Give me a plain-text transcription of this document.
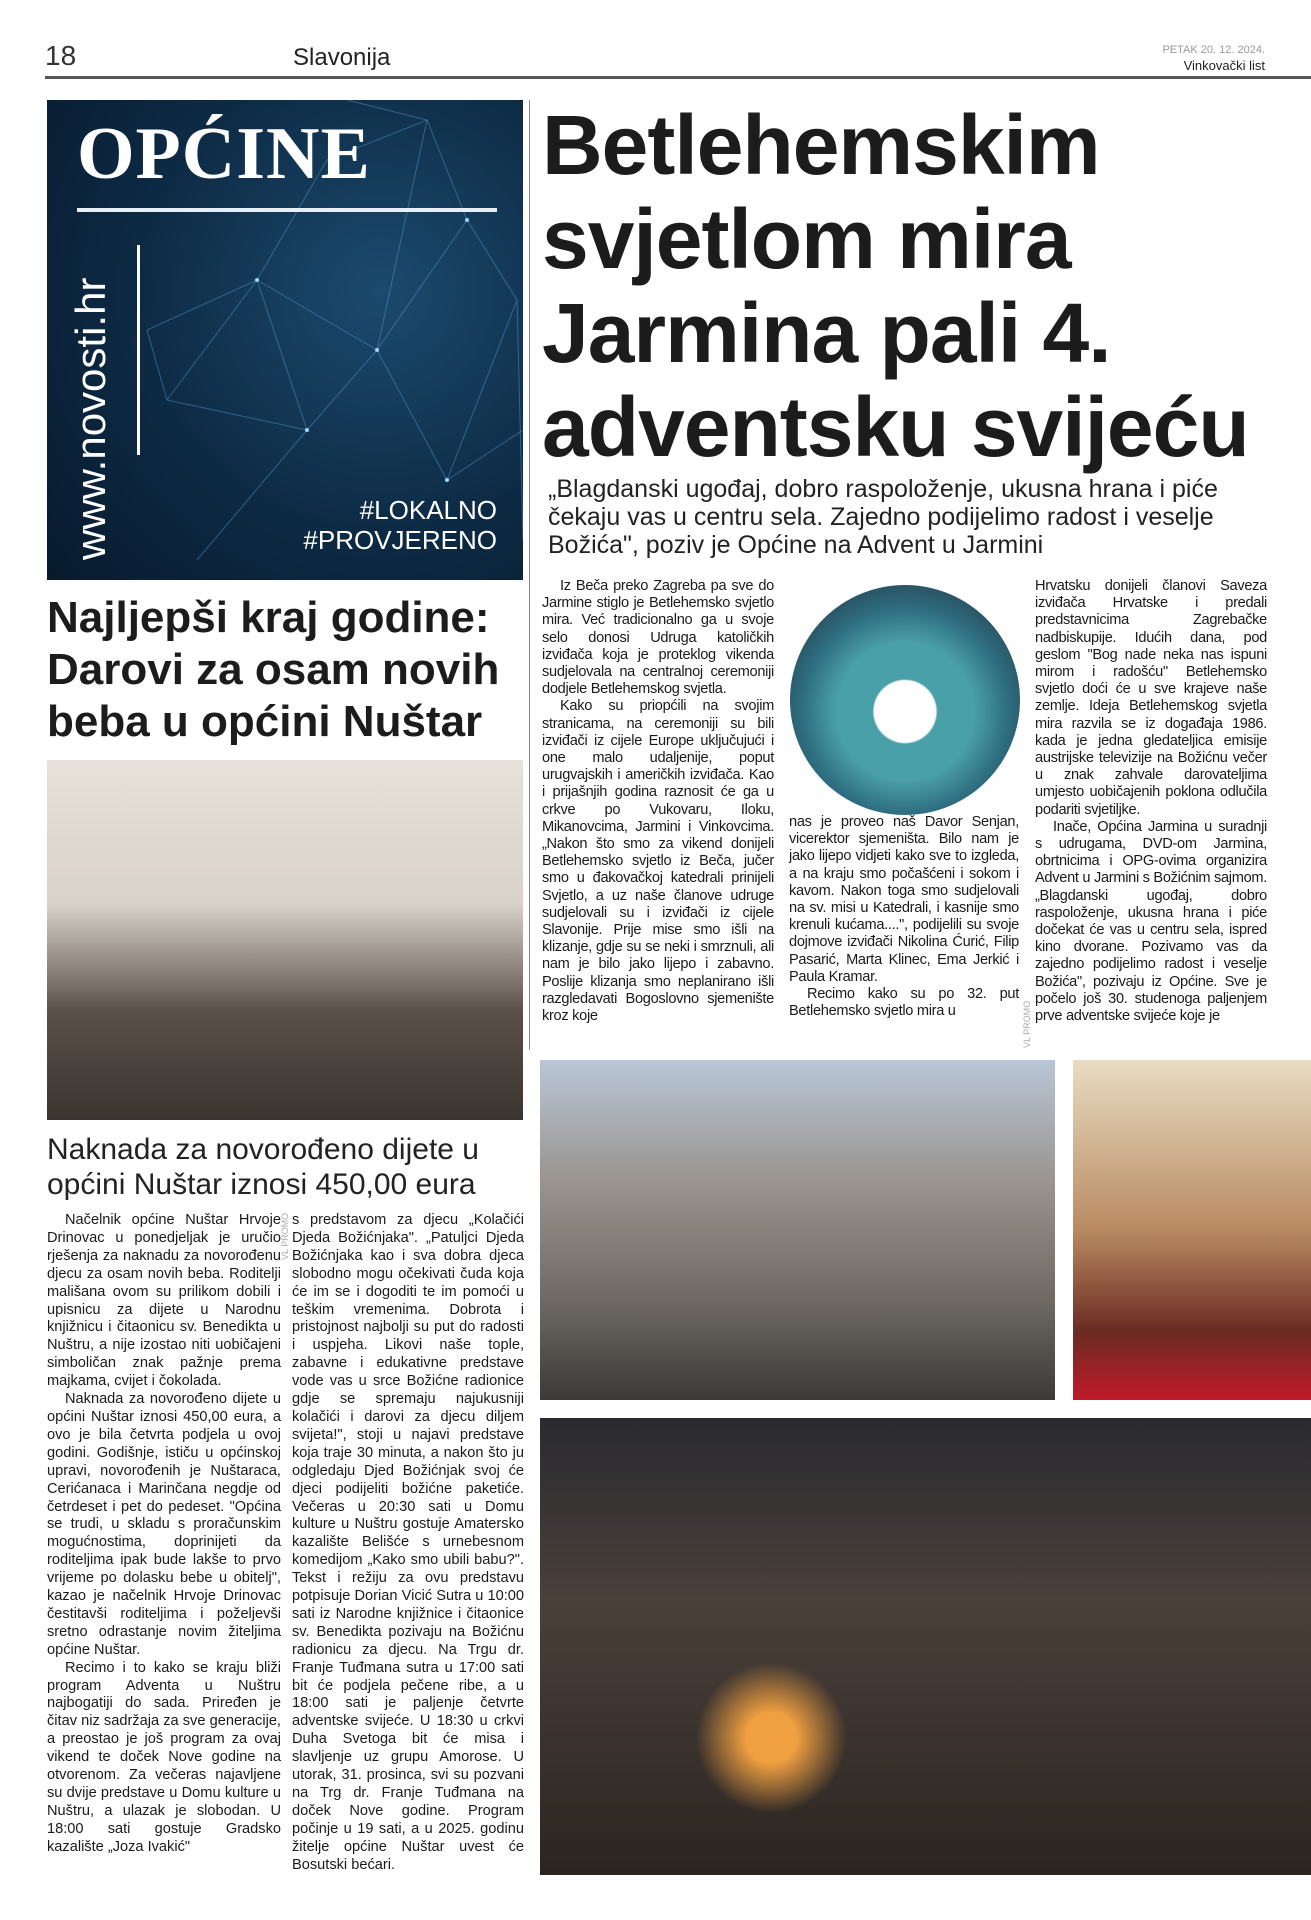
18	Slavonija	PETAK 20. 12. 2024.
Vinkovački list
OPĆINE
www.novosti.hr	#LOKALNO
#PROVJERENO
Najljepši kraj godine: Darovi za osam novih beba u općini Nuštar
Naknada za novorođeno dijete u općini Nuštar iznosi 450,00 eura

Načelnik općine Nuštar Hrvoje Drinovac u ponedjeljak je uručio rješenja za naknadu za novorođenu djecu za osam novih beba. Roditelji mališana ovom su prilikom dobili i upisnicu za dijete u Narodnu knjižnicu i čitaonicu sv. Benedikta u Nuštru, a nije izostao niti uobičajeni simboličan znak pažnje prema majkama, cvijet i čokolada.

Naknada za novorođeno dijete u općini Nuštar iznosi 450,00 eura, a ovo je bila četvrta podjela u ovoj godini. Godišnje, ističu u općinskoj upravi, novorođenih je Nuštaraca, Cerićanaca i Marinčana negdje od četrdeset i pet do pedeset. "Općina se trudi, u skladu s proračunskim mogućnostima, doprinijeti da roditeljima ipak bude lakše to prvo vrijeme po dolasku bebe u obitelj", kazao je načelnik Hrvoje Drinovac čestitavši roditeljima i poželjevši sretno odrastanje novim žiteljima općine Nuštar.

Recimo i to kako se kraju bliži program Adventa u Nuštru najbogatiji do sada. Priređen je čitav niz sadržaja za sve generacije, a preostao je još program za ovaj vikend te doček Nove godine na otvorenom. Za večeras najavljene su dvije predstave u Domu kulture u Nuštru, a ulazak je slobodan. U 18:00 sati gostuje Gradsko kazalište „Joza Ivakić"

VL PROMO s predstavom za djecu „Kolačići Djeda Božićnjaka". „Patuljci Djeda Božićnjaka kao i sva dobra djeca slobodno mogu očekivati čuda koja će im se i dogoditi te im pomoći u teškim vremenima. Dobrota i pristojnost najbolji su put do radosti i uspjeha. Likovi naše tople, zabavne i edukativne predstave vode vas u srce Božićne radionice gdje se spremaju najukusniji kolačići i darovi za djecu diljem svijeta!", stoji u najavi predstave koja traje 30 minuta, a nakon što ju odgledaju Djed Božićnjak svoj će djeci podijeliti božićne paketiće. Večeras u 20:30 sati u Domu kulture u Nuštru gostuje Amatersko kazalište Belišće s urnebesnom komedijom „Kako smo ubili babu?". Tekst i režiju za ovu predstavu potpisuje Dorian Vicić Sutra u 10:00 sati iz Narodne knjižnice i čitaonice sv. Benedikta pozivaju na Božićnu radionicu za djecu. Na Trgu dr. Franje Tuđmana sutra u 17:00 sati bit će podjela pečene ribe, a u 18:00 sati je paljenje četvrte adventske svijeće. U 18:30 u crkvi Duha Svetoga bit će misa i slavljenje uz grupu Amorose. U utorak, 31. prosinca, svi su pozvani na Trg dr. Franje Tuđmana na doček Nove godine. Program počinje u 19 sati, a u 2025. godinu žitelje općine Nuštar uvest će Bosutski bećari.

Betlehemskim svjetlom mira Jarmina pali 4. adventsku svijeću
„Blagdanski ugođaj, dobro raspoloženje, ukusna hrana i piće čekaju vas u centru sela. Zajedno podijelimo radost i veselje Božića", poziv je Općine na Advent u Jarmini

Iz Beča preko Zagreba pa sve do Jarmine stiglo je Betlehemsko svjetlo mira. Već tradicionalno ga u svoje selo donosi Udruga katoličkih izviđača koja je proteklog vikenda sudjelovala na centralnoj ceremoniji dodjele Betlehemskog svjetla.

Kako su priopćili na svojim stranicama, na ceremoniji su bili izviđači iz cijele Europe uključujući i one malo udaljenije, poput urugvajskih i američkih izviđača. Kao i prijašnjih godina raznosit će ga u crkve po Vukovaru, Iloku, Mikanovcima, Jarmini i Vinkovcima. „Nakon što smo za vikend donijeli Betlehemsko svjetlo iz Beča, jučer smo u đakovačkoj katedrali prinijeli Svjetlo, a uz naše članove udruge sudjelovali su i izviđači iz cijele Slavonije. Prije mise smo išli na klizanje, gdje su se neki i smrznuli, ali nam je bilo jako lijepo i zabavno. Poslije klizanja smo neplanirano išli razgledavati Bogoslovno sjemenište kroz koje

nas je proveo naš Davor Senjan, vicerektor sjemeništa. Bilo nam je jako lijepo vidjeti kako sve to izgleda, a na kraju smo počašćeni i sokom i kavom. Nakon toga smo sudjelovali na sv. misi u Katedrali, i kasnije smo krenuli kućama....", podijelili su svoje dojmove izviđači Nikolina Ćurić, Filip Pasarić, Marta Klinec, Ema Jerkić i Paula Kramar.

Recimo kako su po 32. put Betlehemsko svjetlo mira u	VL PROMO

Hrvatsku donijeli članovi Saveza izviđača Hrvatske i predali predstavnicima Zagrebačke nadbiskupije. Idućih dana, pod geslom "Bog nade neka nas ispuni mirom i radošću" Betlehemsko svjetlo doći će u sve krajeve naše zemlje. Ideja Betlehemskog svjetla mira razvila se iz događaja 1986. kada je jedna gledateljica emisije austrijske televizije na Božićnu večer u znak zahvale darovateljima umjesto uobičajenih poklona odlučila podariti svjetiljke.

Inače, Općina Jarmina u suradnji s udrugama, DVD-om Jarmina, obrtnicima i OPG-ovima organizira Advent u Jarmini s Božićnim sajmom. „Blagdanski ugođaj, dobro raspoloženje, ukusna hrana i piće dočekat će vas u centru sela, ispred kino dvorane. Pozivamo vas da zajedno podijelimo radost i veselje Božića", pozivaju iz Općine. Sve je počelo još 30. studenoga paljenjem prve adventske svijeće koje je
